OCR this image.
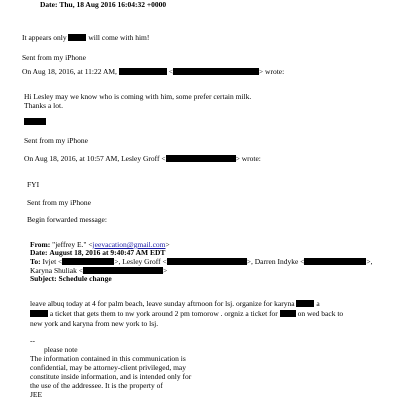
Date: Thu, 18 Aug 2016 16:04:32 +0000
It appears only	will come with him!
Sent from my iPhone
On Aug 18, 2016, at 11:22 AM,	<	> wrote:
Hi Lesley may we know who is coming with him, some prefer certain milk.
Thanks a lot.
Sent from my iPhone
On Aug 18, 2016, at 10:57 AM, Lesley Groff <	> wrote:
FYI
Sent from my iPhone
Begin forwarded message:
From: "jeffrey E." <jeevacation@gmail.com>
Date: August 18, 2016 at 9:40:47 AM EDT
To: Ivjet <	>, Lesley Groff <	>, Darren Indyke <	>,
Karyna Shuliak <	>
Subject: Schedule change
leave albuq today at 4 for palm beach, leave sunday aftrnoon for lsj. organize for karyna	a
a ticket that gets them to nw york around 2 pm tomorow . orgniz a ticket for	on wed back to
new york and karyna from new york to lsj.
--
please note
The information contained in this communication is
confidential, may be attorney-client privileged, may
constitute inside information, and is intended only for
the use of the addressee. It is the property of
JEE
